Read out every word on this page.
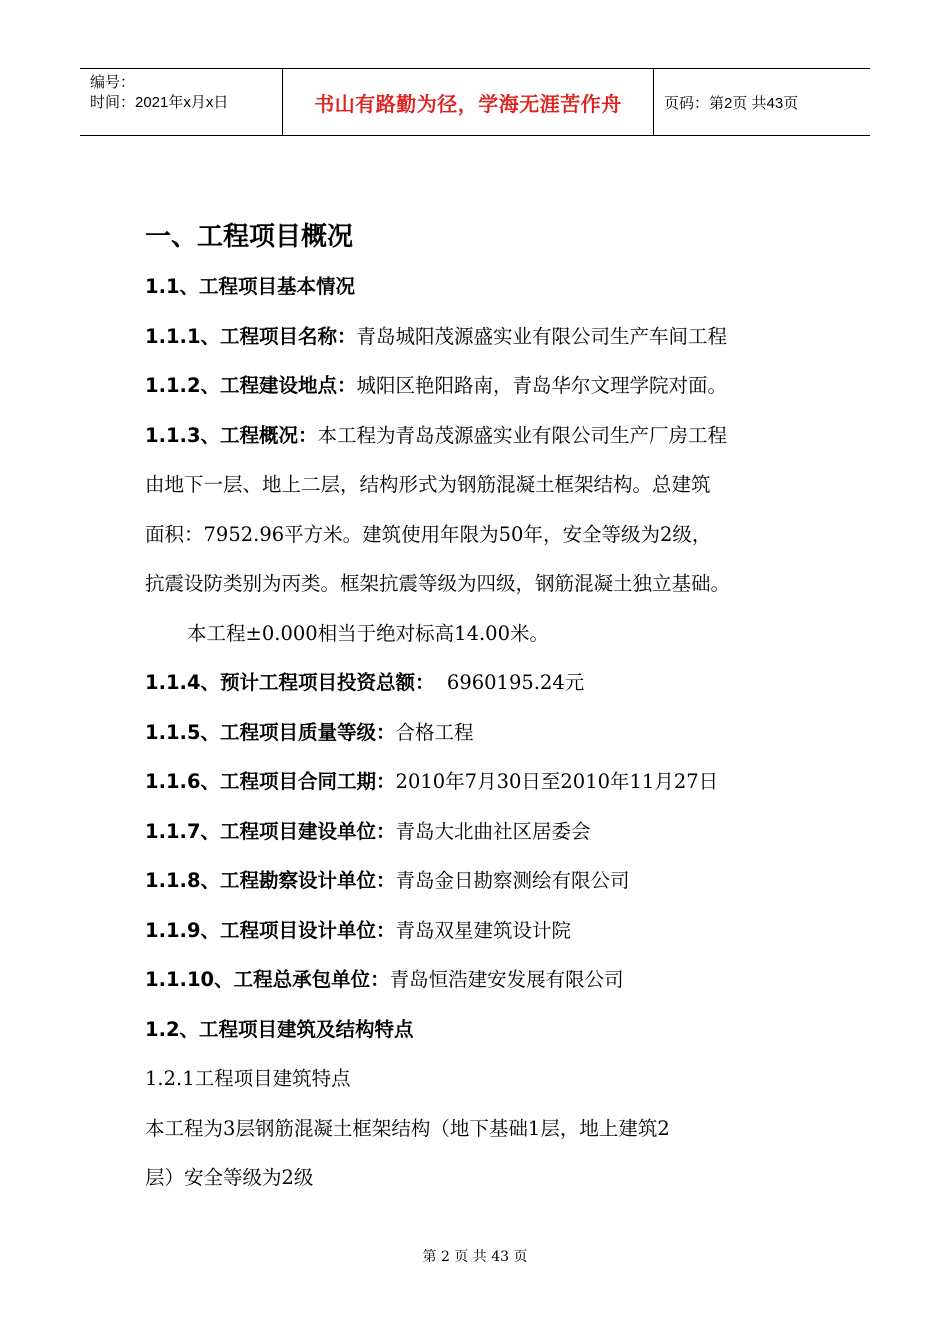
编号：
时间：2021年x月x日	书山有路勤为径，学海无涯苦作舟	页码：第2页 共43页
一、工程项目概况
1.1、工程项目基本情况
1.1.1、工程项目名称：青岛城阳茂源盛实业有限公司生产车间工程
1.1.2、工程建设地点：城阳区艳阳路南，青岛华尔文理学院对面。
1.1.3、工程概况：本工程为青岛茂源盛实业有限公司生产厂房工程
由地下一层、地上二层，结构形式为钢筋混凝土框架结构。总建筑
面积：7952.96平方米。建筑使用年限为50年，安全等级为2级，
抗震设防类别为丙类。框架抗震等级为四级，钢筋混凝土独立基础。
本工程±0.000相当于绝对标高14.00米。
1.1.4、预计工程项目投资总额：  6960195.24元
1.1.5、工程项目质量等级：合格工程
1.1.6、工程项目合同工期：2010年7月30日至2010年11月27日
1.1.7、工程项目建设单位：青岛大北曲社区居委会
1.1.8、工程勘察设计单位：青岛金日勘察测绘有限公司
1.1.9、工程项目设计单位：青岛双星建筑设计院
1.1.10、工程总承包单位：青岛恒浩建安发展有限公司
1.2、工程项目建筑及结构特点
1.2.1工程项目建筑特点
本工程为3层钢筋混凝土框架结构（地下基础1层，地上建筑2
层）安全等级为2级
第 2 页 共 43 页
